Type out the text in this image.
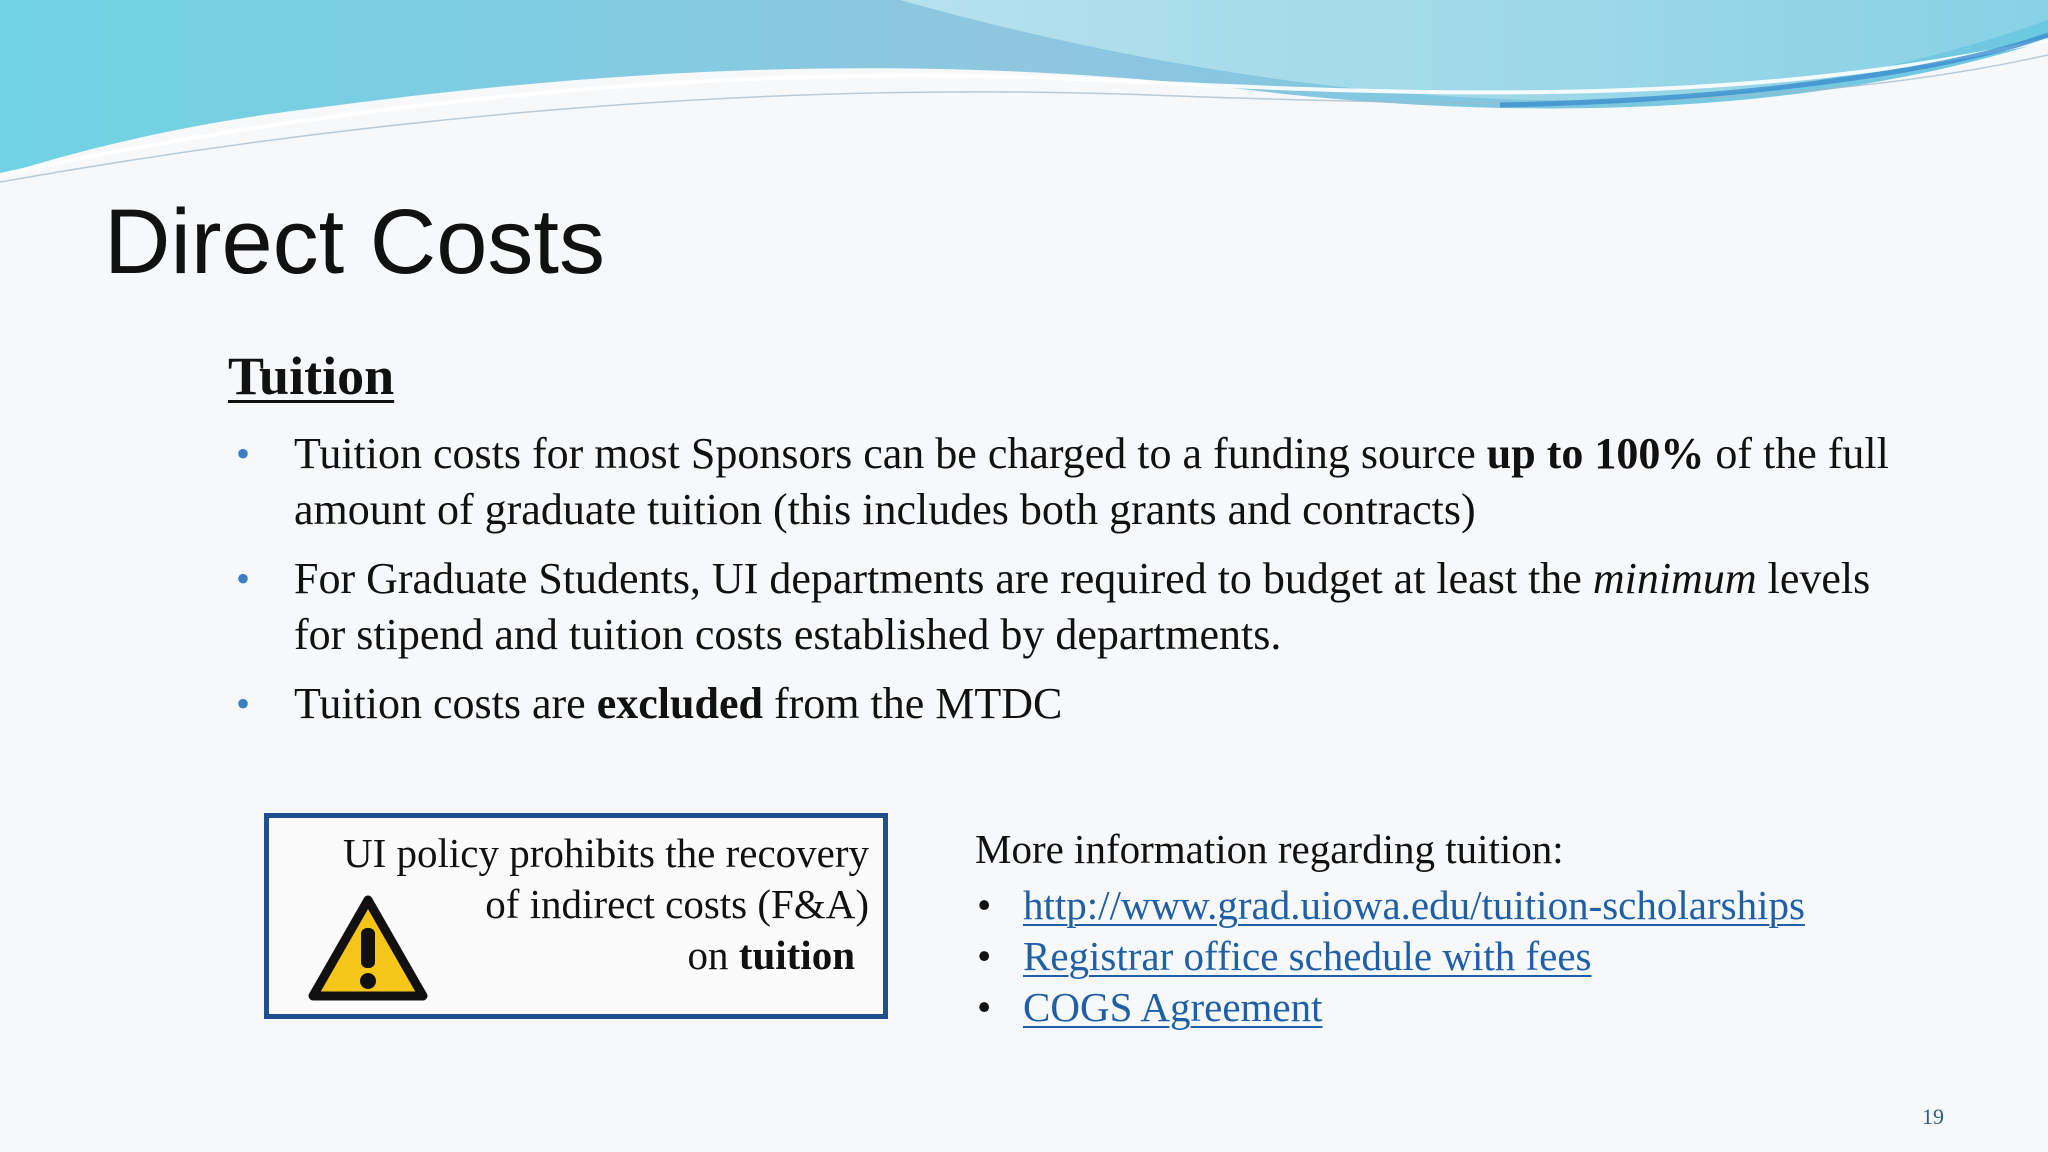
Direct Costs
Tuition
• Tuition costs for most Sponsors can be charged to a funding source up to 100% of the full amount of graduate tuition (this includes both grants and contracts)
• For Graduate Students, UI departments are required to budget at least the minimum levels for stipend and tuition costs established by departments.
• Tuition costs are excluded from the MTDC
UI policy prohibits the recovery
of indirect costs (F&A)
on tuition
More information regarding tuition:
• http://www.grad.uiowa.edu/tuition-scholarships
• Registrar office schedule with fees
• COGS Agreement
19
